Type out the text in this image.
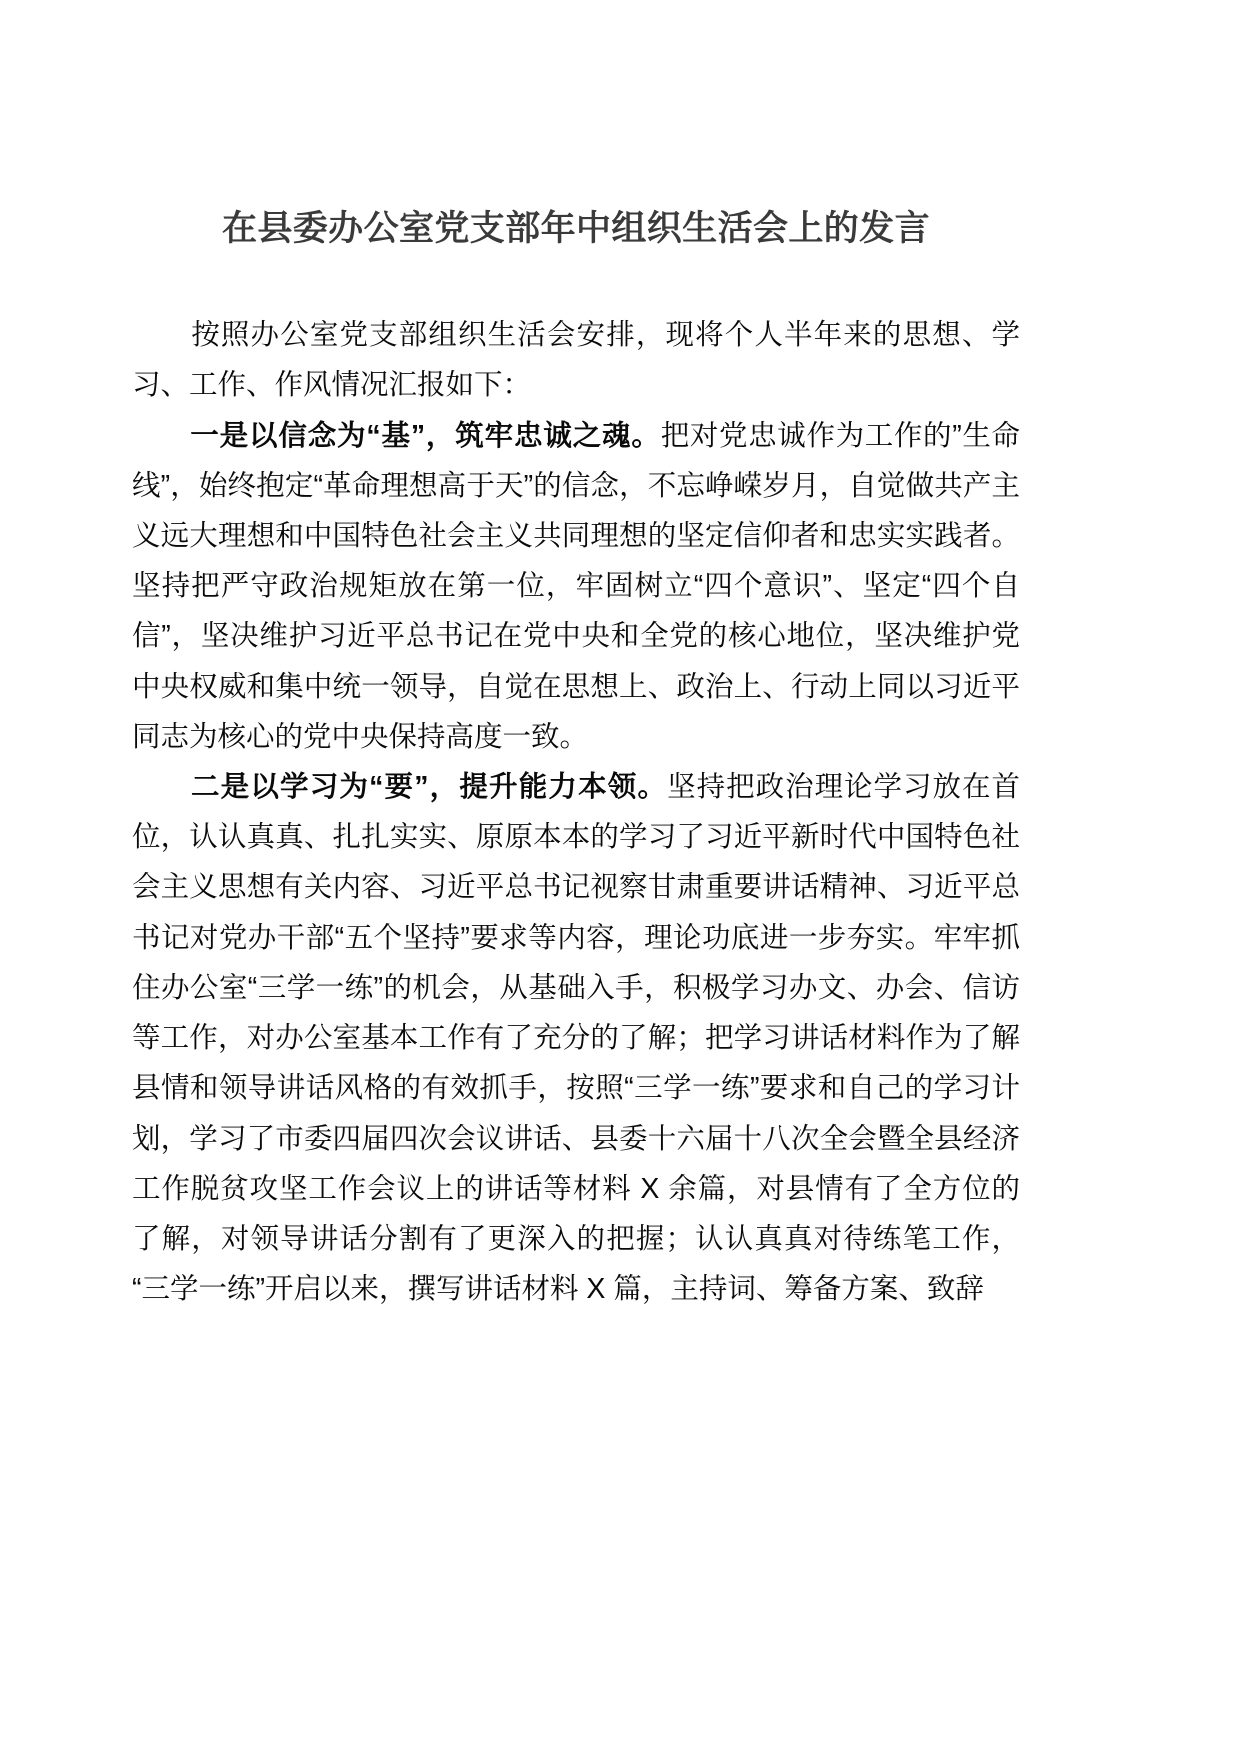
在县委办公室党支部年中组织生活会上的发言

按照办公室党支部组织生活会安排，现将个人半年来的思想、学习、工作、作风情况汇报如下：

一是以信念为“基”，筑牢忠诚之魂。把对党忠诚作为工作的”生命线”，始终抱定“革命理想高于天”的信念，不忘峥嵘岁月，自觉做共产主义远大理想和中国特色社会主义共同理想的坚定信仰者和忠实实践者。坚持把严守政治规矩放在第一位，牢固树立“四个意识”、坚定“四个自信”，坚决维护习近平总书记在党中央和全党的核心地位，坚决维护党中央权威和集中统一领导，自觉在思想上、政治上、行动上同以习近平同志为核心的党中央保持高度一致。

二是以学习为“要”，提升能力本领。坚持把政治理论学习放在首位，认认真真、扎扎实实、原原本本的学习了习近平新时代中国特色社会主义思想有关内容、习近平总书记视察甘肃重要讲话精神、习近平总书记对党办干部“五个坚持”要求等内容，理论功底进一步夯实。牢牢抓住办公室“三学一练”的机会，从基础入手，积极学习办文、办会、信访等工作，对办公室基本工作有了充分的了解；把学习讲话材料作为了解县情和领导讲话风格的有效抓手，按照“三学一练”要求和自己的学习计划，学习了市委四届四次会议讲话、县委十六届十八次全会暨全县经济工作脱贫攻坚工作会议上的讲话等材料 X 余篇，对县情有了全方位的了解，对领导讲话分割有了更深入的把握；认认真真对待练笔工作，“三学一练”开启以来，撰写讲话材料 X 篇，主持词、筹备方案、致辞
